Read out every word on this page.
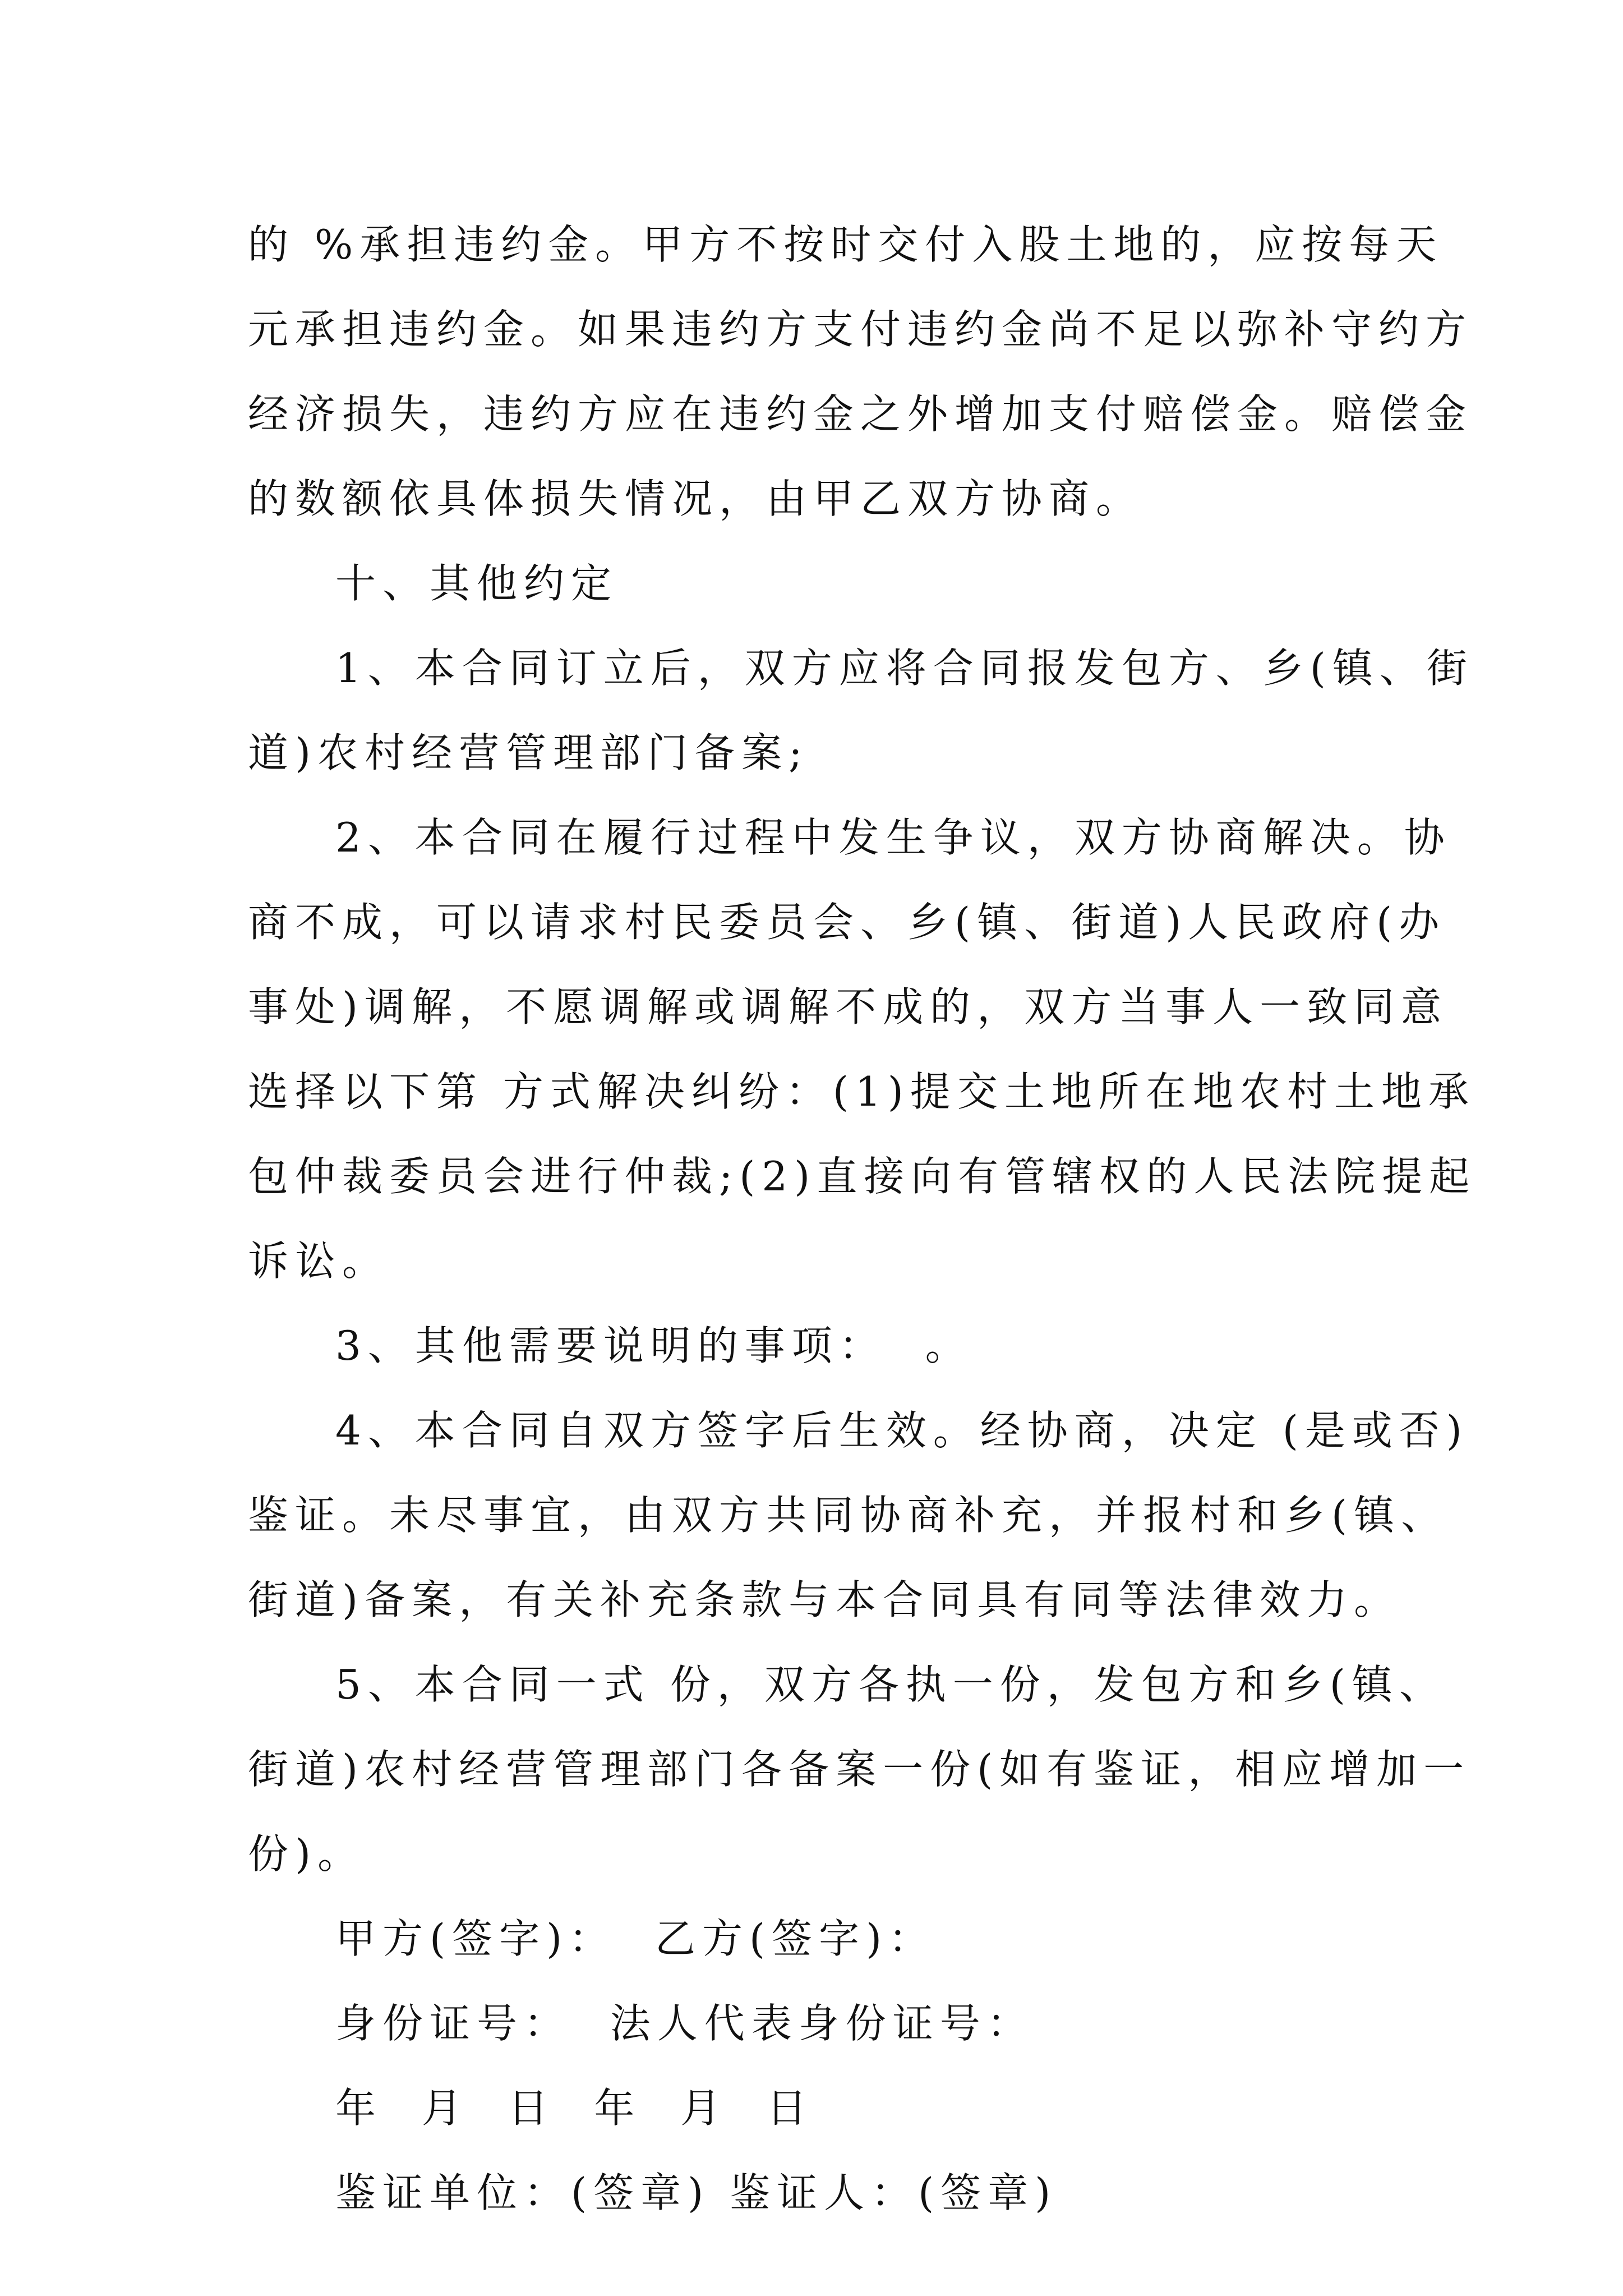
的 %承担违约金。甲方不按时交付入股土地的，应按每天
元承担违约金。如果违约方支付违约金尚不足以弥补守约方
经济损失，违约方应在违约金之外增加支付赔偿金。赔偿金
的数额依具体损失情况，由甲乙双方协商。
十、其他约定
1、本合同订立后，双方应将合同报发包方、乡(镇、街
道)农村经营管理部门备案;
2、本合同在履行过程中发生争议，双方协商解决。协
商不成，可以请求村民委员会、乡(镇、街道)人民政府(办
事处)调解，不愿调解或调解不成的，双方当事人一致同意
选择以下第 方式解决纠纷：(1)提交土地所在地农村土地承
包仲裁委员会进行仲裁;(2)直接向有管辖权的人民法院提起
诉讼。
3、其他需要说明的事项：  。
4、本合同自双方签字后生效。经协商，决定 (是或否)
鉴证。未尽事宜，由双方共同协商补充，并报村和乡(镇、
街道)备案，有关补充条款与本合同具有同等法律效力。
5、本合同一式 份，双方各执一份，发包方和乡(镇、
街道)农村经营管理部门各备案一份(如有鉴证，相应增加一
份)。
甲方(签字)：  乙方(签字)：
身份证号：  法人代表身份证号：
年  月  日  年  月  日
鉴证单位：(签章) 鉴证人：(签章)
